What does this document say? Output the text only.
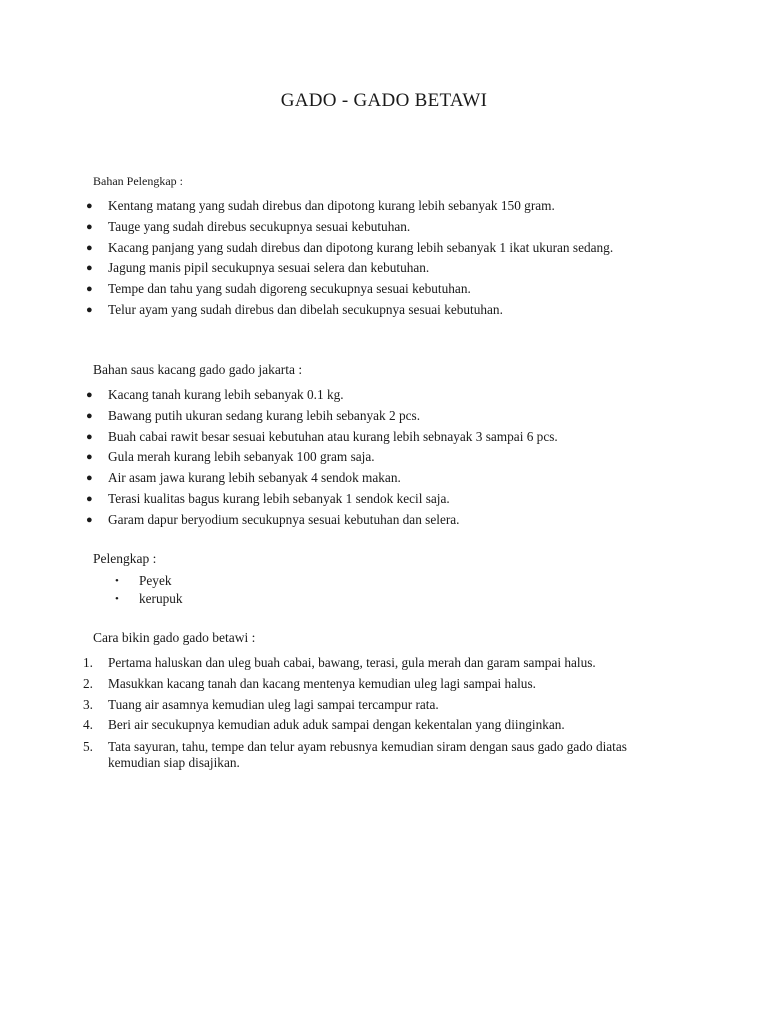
GADO - GADO BETAWI

Bahan Pelengkap :

● Kentang matang yang sudah direbus dan dipotong kurang lebih sebanyak 150 gram.
● Tauge yang sudah direbus secukupnya sesuai kebutuhan.
● Kacang panjang yang sudah direbus dan dipotong kurang lebih sebanyak 1 ikat ukuran sedang.
● Jagung manis pipil secukupnya sesuai selera dan kebutuhan.
● Tempe dan tahu yang sudah digoreng secukupnya sesuai kebutuhan.
● Telur ayam yang sudah direbus dan dibelah secukupnya sesuai kebutuhan.

Bahan saus kacang gado gado jakarta :

● Kacang tanah kurang lebih sebanyak 0.1 kg.
● Bawang putih ukuran sedang kurang lebih sebanyak 2 pcs.
● Buah cabai rawit besar sesuai kebutuhan atau kurang lebih sebnayak 3 sampai 6 pcs.
● Gula merah kurang lebih sebanyak 100 gram saja.
● Air asam jawa kurang lebih sebanyak 4 sendok makan.
● Terasi kualitas bagus kurang lebih sebanyak 1 sendok kecil saja.
● Garam dapur beryodium secukupnya sesuai kebutuhan dan selera.

Pelengkap :

• Peyek
• kerupuk

Cara bikin gado gado betawi :

1. Pertama haluskan dan uleg buah cabai, bawang, terasi, gula merah dan garam sampai halus.
2. Masukkan kacang tanah dan kacang mentenya kemudian uleg lagi sampai halus.
3. Tuang air asamnya kemudian uleg lagi sampai tercampur rata.
4. Beri air secukupnya kemudian aduk aduk sampai dengan kekentalan yang diinginkan.
5. Tata sayuran, tahu, tempe dan telur ayam rebusnya kemudian siram dengan saus gado gado diatas kemudian siap disajikan.
